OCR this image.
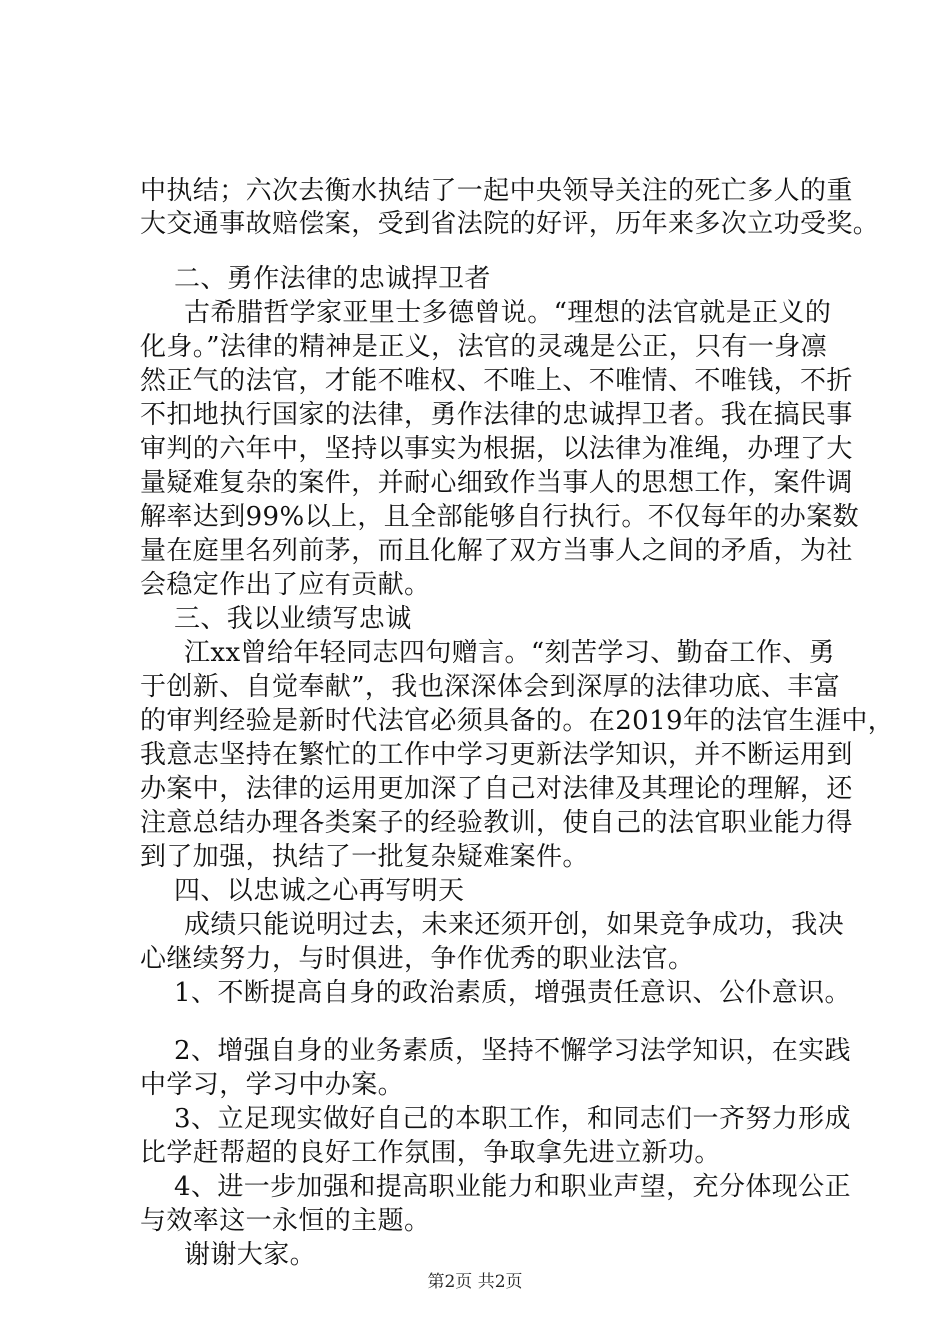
中执结；六次去衡水执结了一起中央领导关注的死亡多人的重
大交通事故赔偿案，受到省法院的好评，历年来多次立功受奖。
二、勇作法律的忠诚捍卫者
古希腊哲学家亚里士多德曾说。“理想的法官就是正义的
化身。”法律的精神是正义，法官的灵魂是公正，只有一身凛
然正气的法官，才能不唯权、不唯上、不唯情、不唯钱，不折
不扣地执行国家的法律，勇作法律的忠诚捍卫者。我在搞民事
审判的六年中，坚持以事实为根据，以法律为准绳，办理了大
量疑难复杂的案件，并耐心细致作当事人的思想工作，案件调
解率达到99%以上，且全部能够自行执行。不仅每年的办案数
量在庭里名列前茅，而且化解了双方当事人之间的矛盾，为社
会稳定作出了应有贡献。
三、我以业绩写忠诚
江xx曾给年轻同志四句赠言。“刻苦学习、勤奋工作、勇
于创新、自觉奉献”，我也深深体会到深厚的法律功底、丰富
的审判经验是新时代法官必须具备的。在2019年的法官生涯中，
我意志坚持在繁忙的工作中学习更新法学知识，并不断运用到
办案中，法律的运用更加深了自己对法律及其理论的理解，还
注意总结办理各类案子的经验教训，使自己的法官职业能力得
到了加强，执结了一批复杂疑难案件。
四、以忠诚之心再写明天
成绩只能说明过去，未来还须开创，如果竞争成功，我决
心继续努力，与时俱进，争作优秀的职业法官。
1、不断提高自身的政治素质，增强责任意识、公仆意识。
2、增强自身的业务素质，坚持不懈学习法学知识，在实践
中学习，学习中办案。
3、立足现实做好自己的本职工作，和同志们一齐努力形成
比学赶帮超的良好工作氛围，争取拿先进立新功。
4、进一步加强和提高职业能力和职业声望，充分体现公正
与效率这一永恒的主题。
谢谢大家。
第2页 共2页
